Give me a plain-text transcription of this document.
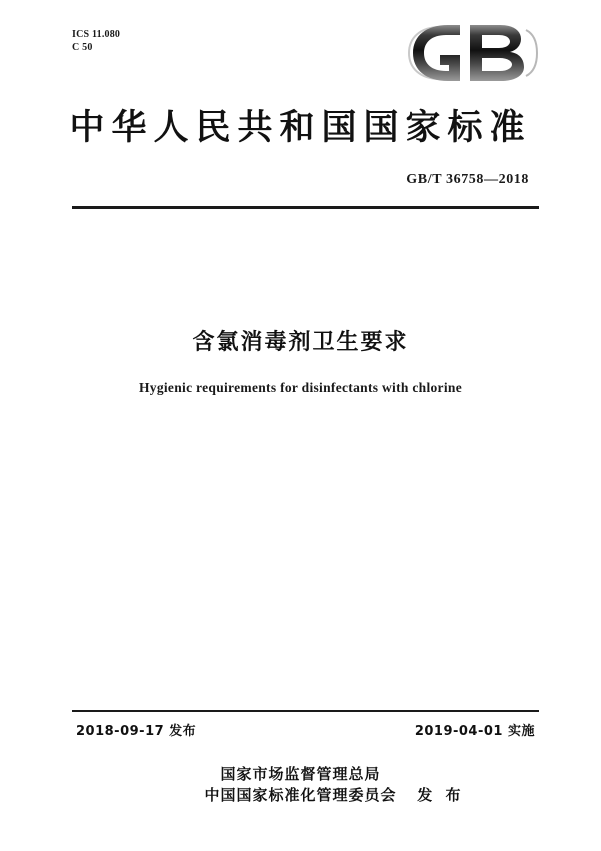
ICS 11.080
C 50
中华人民共和国国家标准
GB/T 36758—2018
含氯消毒剂卫生要求
Hygienic requirements for disinfectants with chlorine
2018-09-17 发布	2019-04-01 实施
国家市场监督管理总局
中国国家标准化管理委员会 发 布
